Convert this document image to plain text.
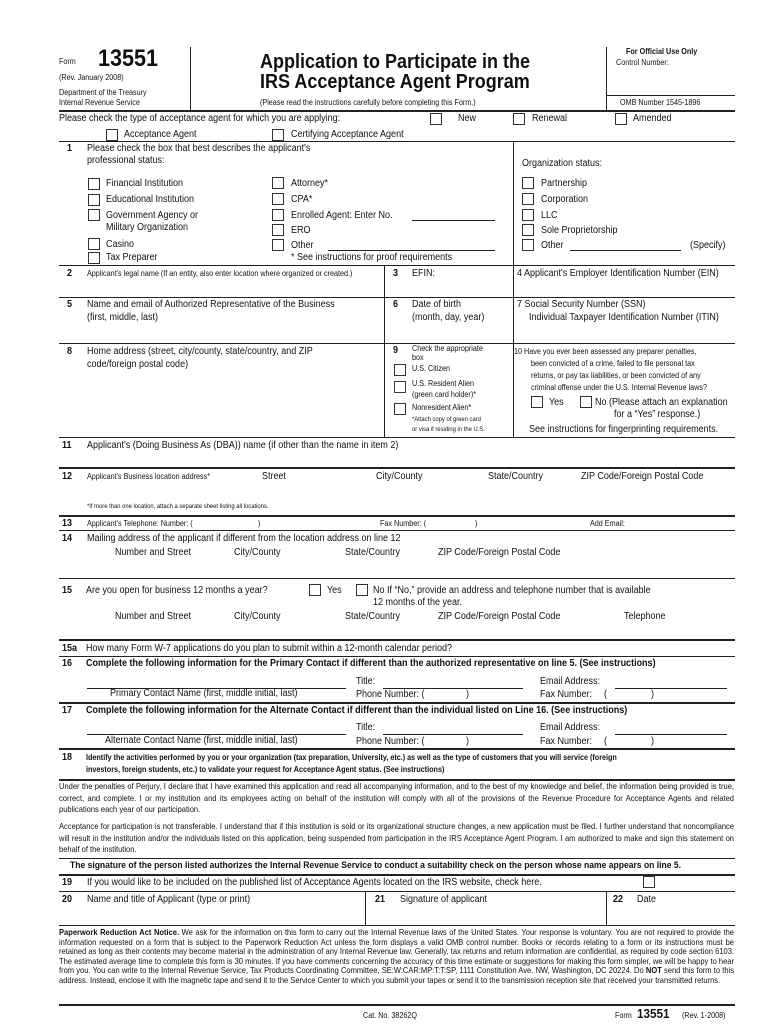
Form 13551
(Rev. January 2008)
Department of the Treasury
Internal Revenue Service
Application to Participate in the
IRS Acceptance Agent Program
(Please read the instructions carefully before completing this Form.)
For Official Use Only
Control Number:
OMB Number 1545-1896
Please check the type of acceptance agent for which you are applying:	New	Renewal	Amended
Acceptance Agent	Certifying Acceptance Agent
1 Please check the box that best describes the applicant's
professional status:	Organization status:
Financial Institution
Educational Institution
Government Agency or
Military Organization
Casino
Tax Preparer
Attorney*
CPA*
Enrolled Agent: Enter No.
ERO
Other
* See instructions for proof requirements
Partnership
Corporation
LLC
Sole Proprietorship
Other	(Specify)
2 Applicant's legal name (If an entity, also enter location where organized or created.)	3 EFIN:	4 Applicant's Employer Identification Number (EIN)
5 Name and email of Authorized Representative of the Business
(first, middle, last)
6 Date of birth
(month, day, year)
7 Social Security Number (SSN)
Individual Taxpayer Identification Number (ITIN)
8 Home address (street, city/county, state/country, and ZIP
code/foreign postal code)
9 Check the appropriate
box
U.S. Citizen
U.S. Resident Alien
(green card holder)*
Nonresident Alien*
*Attach copy of green card
or visa if residing in the U.S.
10 Have you ever been assessed any preparer penalties,
been convicted of a crime, failed to file personal tax
returns, or pay tax liabilities, or been convicted of any
criminal offense under the U.S. Internal Revenue laws?
Yes	No (Please attach an explanation
for a “Yes” response.)
See instructions for fingerprinting requirements.
11 Applicant's (Doing Business As (DBA)) name (if other than the name in item 2)
12 Applicant's Business location address*	Street	City/County	State/Country	ZIP Code/Foreign Postal Code
*If more than one location, attach a separate sheet listing all locations.
13 Applicant's Telephone: Number: (	)	Fax Number: (	)	Add Email:
14 Mailing address of the applicant if different from the location address on line 12
Number and Street	City/County	State/Country	ZIP Code/Foreign Postal Code
15 Are you open for business 12 months a year?	Yes	No If “No,” provide an address and telephone number that is available
12 months of the year.
Number and Street	City/County	State/Country	ZIP Code/Foreign Postal Code	Telephone
15a How many Form W-7 applications do you plan to submit within a 12-month calendar period?
16 Complete the following information for the Primary Contact if different than the authorized representative on line 5. (See instructions)
Title:	Email Address:
Primary Contact Name (first, middle initial, last)	Phone Number: (	)	Fax Number: (	)
17 Complete the following information for the Alternate Contact if different than the individual listed on Line 16. (See instructions)
Title:	Email Address:
Alternate Contact Name (first, middle initial, last)	Phone Number: (	)	Fax Number: (	)
18 Identify the activities performed by you or your organization (tax preparation, University, etc.) as well as the type of customers that you will service (foreign
investors, foreign students, etc.) to validate your request for Acceptance Agent status. (See instructions)
Under the penalties of Perjury, I declare that I have examined this application and read all accompanying information, and to the best of my knowledge and belief, the information being provided is true, correct, and complete. I or my institution and its employees acting on behalf of the institution will comply with all of the provisions of the Revenue Procedure for Acceptance Agents and related publications each year of our participation.
Acceptance for participation is not transferable. I understand that if this institution is sold or its organizational structure changes, a new application must be filed. I further understand that noncompliance will result in the institution and/or the individuals listed on this application, being suspended from participation in the IRS Acceptance Agent Program. I am authorized to make and sign this statement on behalf of the institution.
The signature of the person listed authorizes the Internal Revenue Service to conduct a suitability check on the person whose name appears on line 5.
19 If you would like to be included on the published list of Acceptance Agents located on the IRS website, check here.
20 Name and title of Applicant (type or print)	21 Signature of applicant	22 Date
Paperwork Reduction Act Notice. We ask for the information on this form to carry out the Internal Revenue laws of the United States. Your response is voluntary. You are not required to provide the information requested on a form that is subject to the Paperwork Reduction Act unless the form displays a valid OMB control number. Books or records relating to a form or its instructions must be retained as long as their contents may become material in the administration of any Internal Revenue law. Generally, tax returns and return information are confidential, as required by code section 6103. The estimated average time to complete this form is 30 minutes. If you have comments concerning the accuracy of this time estimate or suggestions for making this form simpler, we will be happy to hear from you. You can write to the Internal Revenue Service, Tax Products Coordinating Committee, SE:W:CAR:MP:T:T:SP, 1111 Constitution Ave. NW, Washington, DC 20224. Do NOT send this form to this address. Instead, enclose it with the magnetic tape and send it to the Service Center to which you submit your tapes or send it to the transmission reception site that received your transmitted returns.
Cat. No. 38262Q	Form 13551 (Rev. 1-2008)
